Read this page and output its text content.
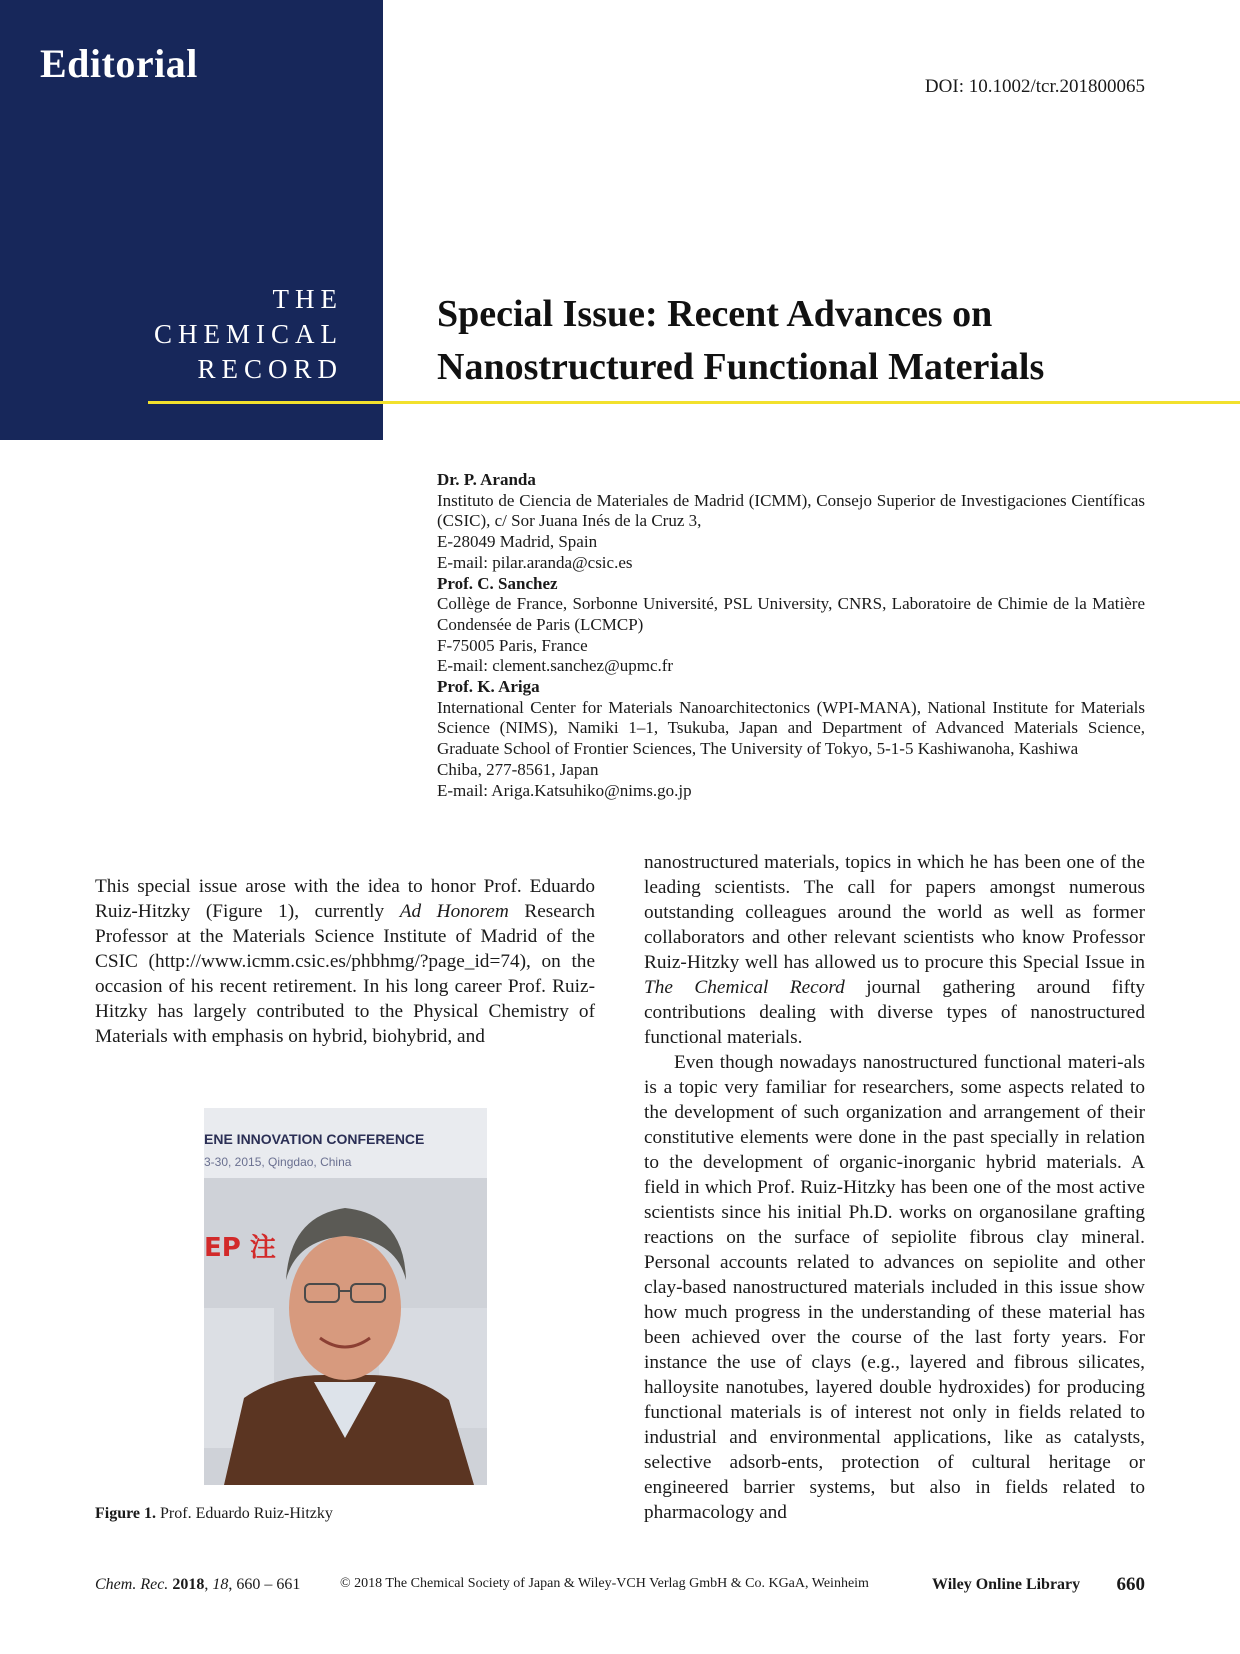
Editorial
THE
CHEMICAL
RECORD
DOI: 10.1002/tcr.201800065
Special Issue: Recent Advances on
Nanostructured Functional Materials
Dr. P. Aranda
Instituto de Ciencia de Materiales de Madrid (ICMM), Consejo Superior de Investigaciones Científicas (CSIC), c/ Sor Juana Inés de la Cruz 3,
E-28049 Madrid, Spain
E-mail: pilar.aranda@csic.es
Prof. C. Sanchez
Collège de France, Sorbonne Université, PSL University, CNRS, Laboratoire de Chimie de la Matière Condensée de Paris (LCMCP)
F-75005 Paris, France
E-mail: clement.sanchez@upmc.fr
Prof. K. Ariga
International Center for Materials Nanoarchitectonics (WPI-MANA), National Institute for Materials Science (NIMS), Namiki 1–1, Tsukuba, Japan and Department of Advanced Materials Science, Graduate School of Frontier Sciences, The University of Tokyo, 5-1-5 Kashiwanoha, Kashiwa
Chiba, 277-8561, Japan
E-mail: Ariga.Katsuhiko@nims.go.jp

This special issue arose with the idea to honor Prof. Eduardo Ruiz-Hitzky (Figure 1), currently Ad Honorem Research Professor at the Materials Science Institute of Madrid of the CSIC (http://www.icmm.csic.es/phbhmg/?page_id=74), on the occasion of his recent retirement. In his long career Prof. Ruiz-Hitzky has largely contributed to the Physical Chemistry of Materials with emphasis on hybrid, biohybrid, and

nanostructured materials, topics in which he has been one of the leading scientists. The call for papers amongst numerous outstanding colleagues around the world as well as former collaborators and other relevant scientists who know Professor Ruiz-Hitzky well has allowed us to procure this Special Issue in The Chemical Record journal gathering around fifty contributions dealing with diverse types of nanostructured functional materials.

Even though nowadays nanostructured functional materi-als is a topic very familiar for researchers, some aspects related to the development of such organization and arrangement of their constitutive elements were done in the past specially in relation to the development of organic-inorganic hybrid materials. A field in which Prof. Ruiz-Hitzky has been one of the most active scientists since his initial Ph.D. works on organosilane grafting reactions on the surface of sepiolite fibrous clay mineral. Personal accounts related to advances on sepiolite and other clay-based nanostructured materials included in this issue show how much progress in the understanding of these material has been achieved over the course of the last forty years. For instance the use of clays (e.g., layered and fibrous silicates, halloysite nanotubes, layered double hydroxides) for producing functional materials is of interest not only in fields related to industrial and environmental applications, like as catalysts, selective adsorb-ents, protection of cultural heritage or engineered barrier systems, but also in fields related to pharmacology and

ENE INNOVATION CONFERENCE
3-30, 2015, Qingdao, China
EP 注
Figure 1. Prof. Eduardo Ruiz-Hitzky
Chem. Rec. 2018, 18, 660 – 661	© 2018 The Chemical Society of Japan & Wiley-VCH Verlag GmbH & Co. KGaA, Weinheim	Wiley Online Library 660
